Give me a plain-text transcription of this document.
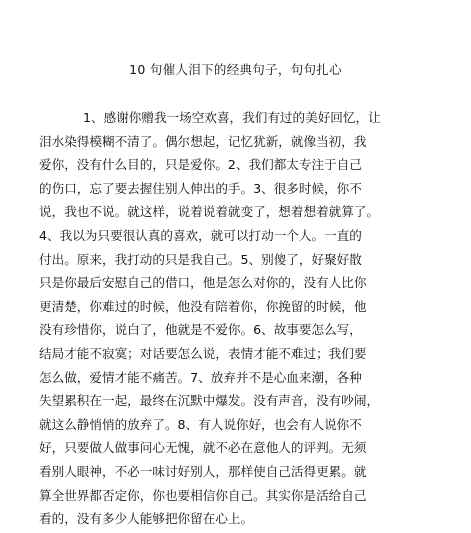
10 句催人泪下的经典句子，句句扎心
1、感谢你赠我一场空欢喜，我们有过的美好回忆，让
泪水染得模糊不清了。偶尔想起，记忆犹新，就像当初，我
爱你，没有什么目的，只是爱你。2、我们都太专注于自己
的伤口，忘了要去握住别人伸出的手。3、很多时候，你不
说，我也不说。就这样，说着说着就变了，想着想着就算了。
4、我以为只要很认真的喜欢，就可以打动一个人。一直的
付出。原来，我打动的只是我自己。5、别傻了，好聚好散
只是你最后安慰自己的借口，他是怎么对你的，没有人比你
更清楚，你难过的时候，他没有陪着你，你挽留的时候，他
没有珍惜你，说白了，他就是不爱你。6、故事要怎么写，
结局才能不寂寞；对话要怎么说，表情才能不难过；我们要
怎么做，爱情才能不痛苦。7、放弃并不是心血来潮，各种
失望累积在一起，最终在沉默中爆发。没有声音，没有吵闹，
就这么静悄悄的放弃了。8、有人说你好，也会有人说你不
好，只要做人做事问心无愧，就不必在意他人的评判。无须
看别人眼神，不必一味讨好别人，那样使自己活得更累。就
算全世界都否定你，你也要相信你自己。其实你是活给自己
看的，没有多少人能够把你留在心上。
